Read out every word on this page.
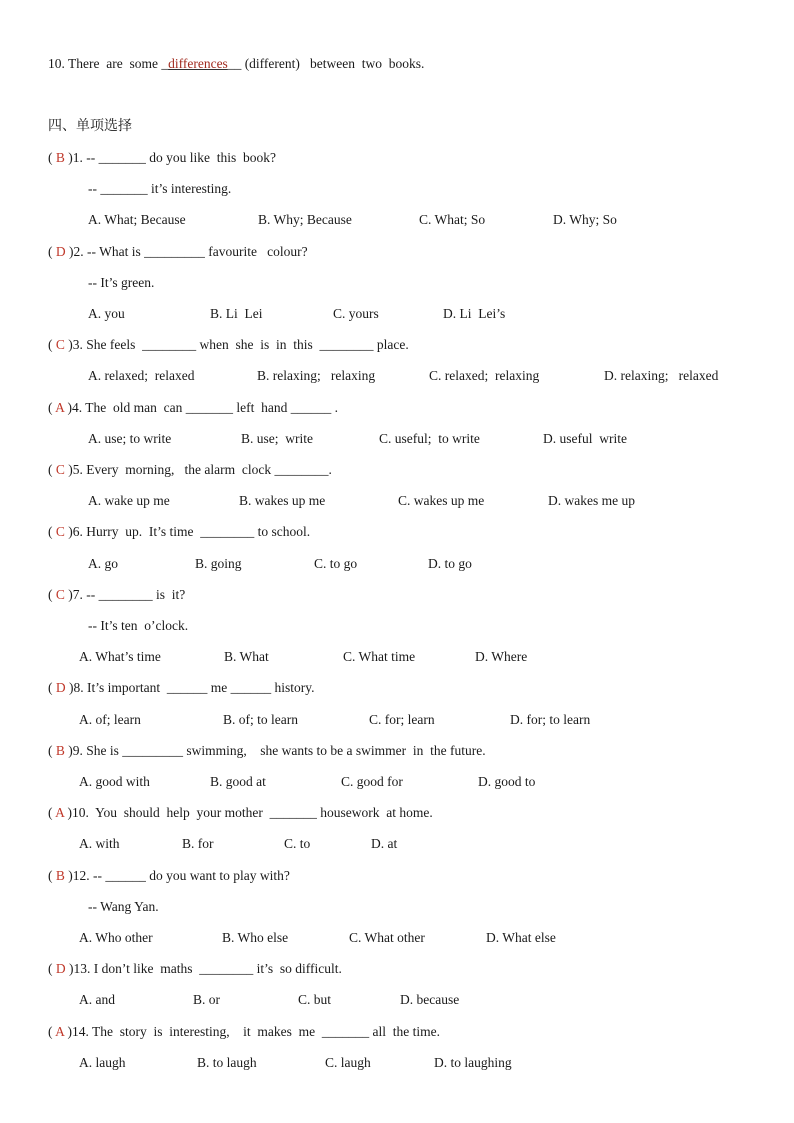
10. There  are  some _differences__ (different)   between  two  books.
四、单项选择
( B )1. -- _______ do you like  this  book?
-- _______ it’s interesting.
A. What; Because	B. Why; Because	C. What; So	D. Why; So
( D )2. -- What is _________ favourite   colour?
-- It’s green.
A. you	B. Li  Lei	C. yours	D. Li  Lei’s
( C )3. She feels  ________ when  she  is  in  this  ________ place.
A. relaxed;  relaxed	B. relaxing;   relaxing	C. relaxed;  relaxing	D. relaxing;   relaxed
( A )4. The  old man  can _______ left  hand ______ .
A. use; to write	B. use;  write	C. useful;  to write	D. useful  write
( C )5. Every  morning,   the alarm  clock ________.
A. wake up me	B. wakes up me	C. wakes up me	D. wakes me up
( C )6. Hurry  up.  It’s time  ________ to school.
A. go	B. going	C. to go	D. to go
( C )7. -- ________ is  it?
-- It’s ten  o’clock.
A. What’s time	B. What	C. What time	D. Where
( D )8. It’s important  ______ me ______ history.
A. of; learn	B. of; to learn	C. for; learn	D. for; to learn
( B )9. She is _________ swimming,    she wants to be a swimmer  in  the future.
A. good with	B. good at	C. good for	D. good to
( A )10.  You  should  help  your mother  _______ housework  at home.
A. with	B. for	C. to	D. at
( B )12. -- ______ do you want to play with?
-- Wang Yan.
A. Who other	B. Who else	C. What other	D. What else
( D )13. I don’t like  maths  ________ it’s  so difficult.
A. and	B. or	C. but	D. because
( A )14. The  story  is  interesting,    it  makes  me  _______ all  the time.
A. laugh	B. to laugh	C. laugh	D. to laughing
